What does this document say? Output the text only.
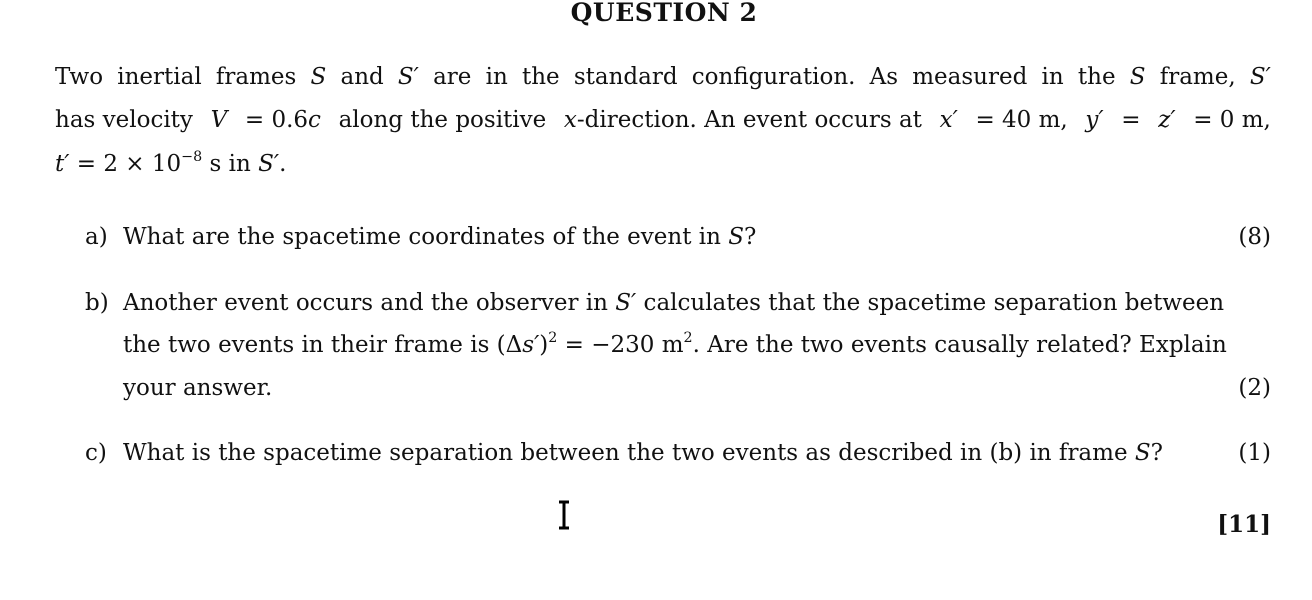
QUESTION 2
Two inertial frames S and S′ are in the standard configuration. As measured in the S frame, S′
has velocity V = 0.6c along the positive x-direction. An event occurs at x′ = 40 m, y′ = z′ = 0 m,
$t' = 2 \times 10^{-8}$ s in S′.
a) What are the spacetime coordinates of the event in S?	(8)
b) Another event occurs and the observer in S′ calculates that the spacetime separation between
the two events in their frame is $(\Delta s')^2 = -230$ $m^2$. Are the two events causally related? Explain
your answer.	(2)
c) What is the spacetime separation between the two events as described in (b) in frame S?	(1)
[11]
